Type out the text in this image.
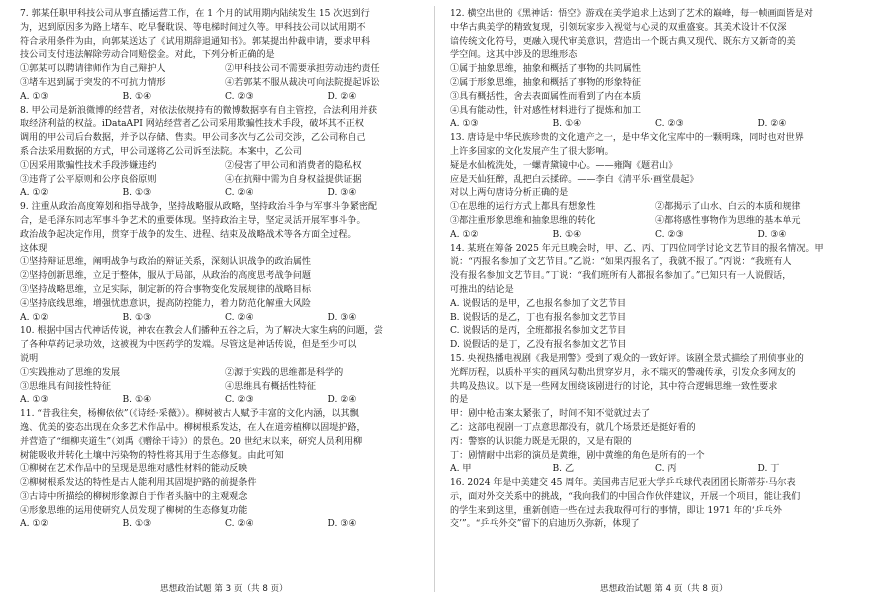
7. 郭某任职甲科技公司从事直播运营工作，在 1 个月的试用期内陆续发生 15 次迟到行
为，迟到原因多为路上堵车、吃早餐耽误、等电梯时间过久等。甲科技公司以试用期不
符合录用条件为由，向郭某送达了《试用期辞退通知书》。郭某提出仲裁申请，要求甲科
技公司支付违法解除劳动合同赔偿金。对此，下列分析正确的是
①郭某可以聘请律师作为自己辩护人	②甲科技公司不需要承担劳动违约责任
③堵车迟到属于突发的不可抗力情形	④若郭某不服从裁决可向法院提起诉讼
A. ①③	B. ①④	C. ②③	D. ②④
8. 甲公司是新浪微博的经营者，对依法依规持有的微博数据享有自主管控，合法利用并获
取经济利益的权益。iDataAPI 网站经营者乙公司采用欺骗性技术手段，破坏其不正权
调用的甲公司后台数据，并予以存储、售卖。甲公司多次与乙公司交涉，乙公司称自己
系合法采用数据的方式，甲公司遂将乙公司诉至法院。本案中，乙公司
①因采用欺骗性技术手段涉嫌违约	②侵害了甲公司和消费者的隐私权
③违背了公平原则和公序良俗原则	④在抗辩中需为自身权益提供证据
A. ①②	B. ①③	C. ②④	D. ③④
9. 注重从政治高度筹划和指导战争，坚持战略服从政略，坚持政治斗争与军事斗争紧密配
合，是毛泽东同志军事斗争艺术的重要体现。坚持政治主导，坚定灵活开展军事斗争。
政治战争起决定作用，贯穿于战争的发生、进程、结束及战略战术等各方面全过程。
这体现
①坚持辩证思维，阐明战争与政治的辩证关系，深刻认识战争的政治属性
②坚持创新思维，立足于整体，服从于局部，从政治的高度思考战争问题
③坚持战略思维，立足实际，制定新的符合事物变化发展规律的战略目标
④坚持底线思维，增强忧患意识，提高防控能力，着力防范化解重大风险
A. ①②	B. ①③	C. ②④	D. ③④
10. 根据中国古代神话传说，神农在教会人们播种五谷之后，为了解决大家生病的问题，尝
了各种草药记录功效，这被视为中医药学的发端。尽管这是神话传说，但是至少可以
说明
①实践推动了思维的发展	②源于实践的思维都是科学的
③思维具有间接性特征	④思维具有概括性特征
A. ①③	B. ①④	C. ②③	D. ②④
11. “昔我往矣，杨柳依依”（《诗经·采薇》）。柳树被古人赋予丰富的文化内涵，以其飘
逸、优美的姿态出现在众多艺术作品中。柳树根系发达，在人在道旁植柳以固堤护路，
并营造了“细柳夹道生”（刘禹《赠徐干诗》）的景色。20 世纪末以来，研究人员利用柳
树能吸收并转化土壤中污染物的特性将其用于生态修复。由此可知
①柳树在艺术作品中的呈现是思维对感性材料的能动反映
②柳树根系发达的特性是古人能利用其固堤护路的前提条件
③古诗中所描绘的柳树形象源自于作者头脑中的主观观念
④形象思维的运用使研究人员发现了柳树的生态修复功能
A. ①②	B. ①③	C. ②④	D. ③④
12. 横空出世的《黑神话：悟空》游戏在美学追求上达到了艺术的巅峰，每一帧画面皆是对
中华古典美学的精致复现，引领玩家步入视觉与心灵的双重盛宴。其美术设计不仅深
谙传统文化符号，更融入现代审美意识，营造出一个既古典又现代、既东方又新奇的美
学空间。这其中涉及的思维形态
①属于抽象思维，抽象和概括了事物的共同属性
②属于形象思维，抽象和概括了事物的形象特征
③具有概括性，舍去表面属性而看到了内在本质
④具有能动性，针对感性材料进行了提炼和加工
A. ①③	B. ①④	C. ②③	D. ②④
13. 唐诗是中华民族珍贵的文化遗产之一，是中华文化宝库中的一颗明珠，同时也对世界
上许多国家的文化发展产生了很大影响。
疑是水仙梳洗处，一螺青黛镜中心。——雍陶《题君山》
应是天仙狂醉，乱把白云揉碎。——李白《清平乐·画堂晨起》
对以上两句唐诗分析正确的是
①在思维的运行方式上都具有想象性	②都揭示了山水、白云的本质和规律
③都注重形象思维和抽象思维的转化	④都将感性事物作为思维的基本单元
A. ①②	B. ①④	C. ②③	D. ③④
14. 某班在筹备 2025 年元旦晚会时，甲、乙、丙、丁四位同学讨论文艺节目的报名情况。甲
说：“丙报名参加了文艺节目。”乙说：“如果丙报名了，我就不报了。”丙说：“我班有人
没有报名参加文艺节目。”丁说：“我们班所有人都报名参加了。”已知只有一人说假话，
可推出的结论是
A. 说假话的是甲，乙也报名参加了文艺节目
B. 说假话的是乙，丁也有报名参加文艺节目
C. 说假话的是丙，全班都报名参加文艺节目
D. 说假话的是丁，乙没有报名参加文艺节目
15. 央视热播电视剧《我是刑警》受到了观众的一致好评。该剧全景式描绘了刑侦事业的
光辉历程，以质朴平实的画风勾勒出贯穿岁月，永不瑞灭的警魂传承，引发众多网友的
共鸣及热议。以下是一些网友围绕该剧进行的讨论，其中符合逻辑思维一致性要求
的是
甲：剧中枪击案太紧张了，时间不知不觉就过去了
乙：这部电视剧一丁点意思都没有，就几个场景还是挺好看的
丙：警察的认识能力既是无限的，又是有限的
丁：剧情耐中出彩的演员是黄维，剧中黄维的角色是所有的一个
A. 甲	B. 乙	C. 丙	D. 丁
16. 2024 年是中美建交 45 周年。美国弗吉尼亚大学乒乓球代表团团长斯蒂芬·马尔表
示，面对外交关系中的挑战，“我向我们的中国合作伙伴建议，开展一个项目，能让我们
的学生来到这里，重新创造一些在过去我取得可行的事情，即让 1971 年的‘乒乓外
交’”。“乒乓外交”留下的启迪历久弥新，体现了
思想政治试题 第 3 页（共 8 页）	思想政治试题 第 4 页（共 8 页）
